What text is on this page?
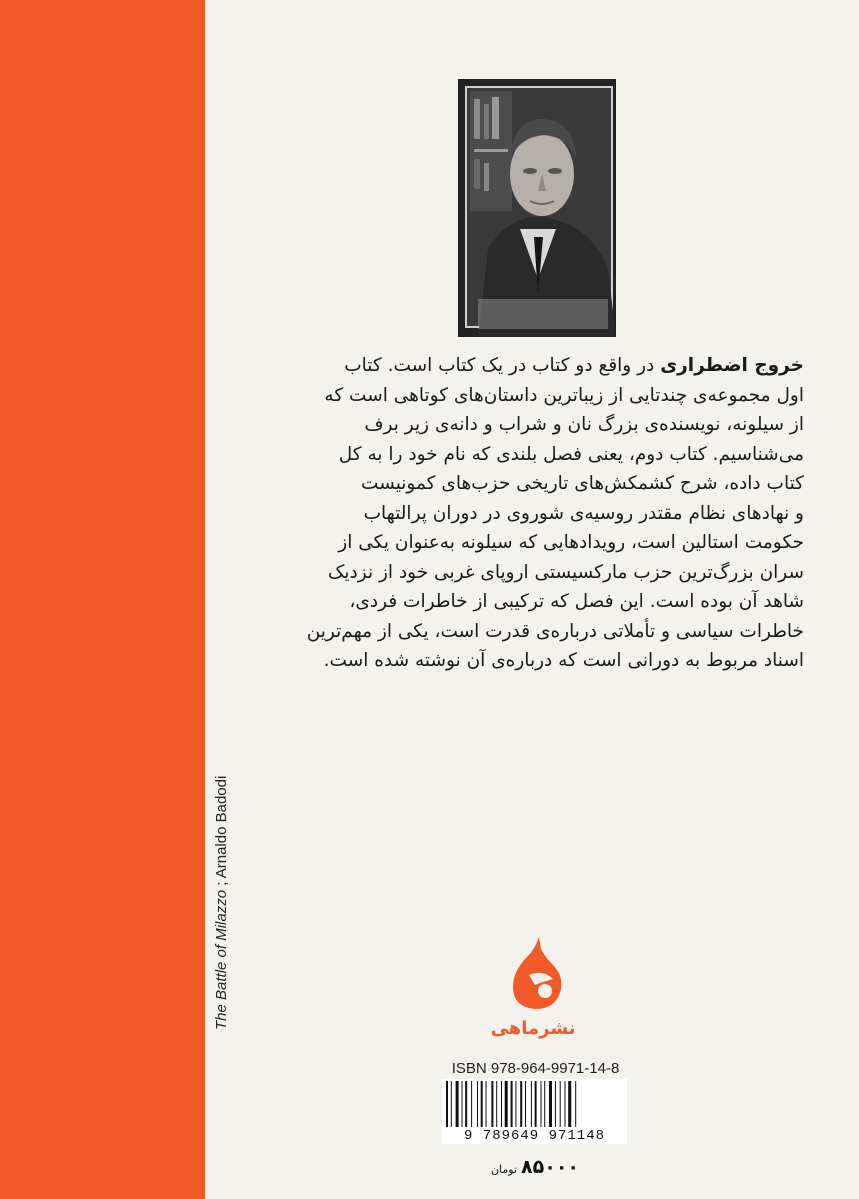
The Battle of Milazzo ; Arnaldo Badodi
خروج اضطراری در واقع دو کتاب در یک کتاب است. کتاب
اول مجموعه‌ی چندتایی از زیباترین داستان‌های کوتاهی است که
از سیلونه، نویسنده‌ی بزرگ نان و شراب و دانه‌ی زیر برف
می‌شناسیم. کتاب دوم، یعنی فصل بلندی که نام خود را به کل
کتاب داده، شرح کشمکش‌های تاریخی حزب‌های کمونیست
و نهادهای نظام مقتدر روسیه‌ی شوروی در دوران پرالتهاب
حکومت استالین است، رویدادهایی که سیلونه به‌عنوان یکی از
سران بزرگ‌ترین حزب مارکسیستی اروپای غربی خود از نزدیک
شاهد آن بوده است. این فصل که ترکیبی از خاطرات فردی،
خاطرات سیاسی و تأملاتی درباره‌ی قدرت است، یکی از مهم‌ترین
اسناد مربوط به دورانی است که درباره‌ی آن نوشته شده است.
نشرماهی
ISBN 978-964-9971-14-8
9 789649 971148
۸۵۰۰۰تومان
